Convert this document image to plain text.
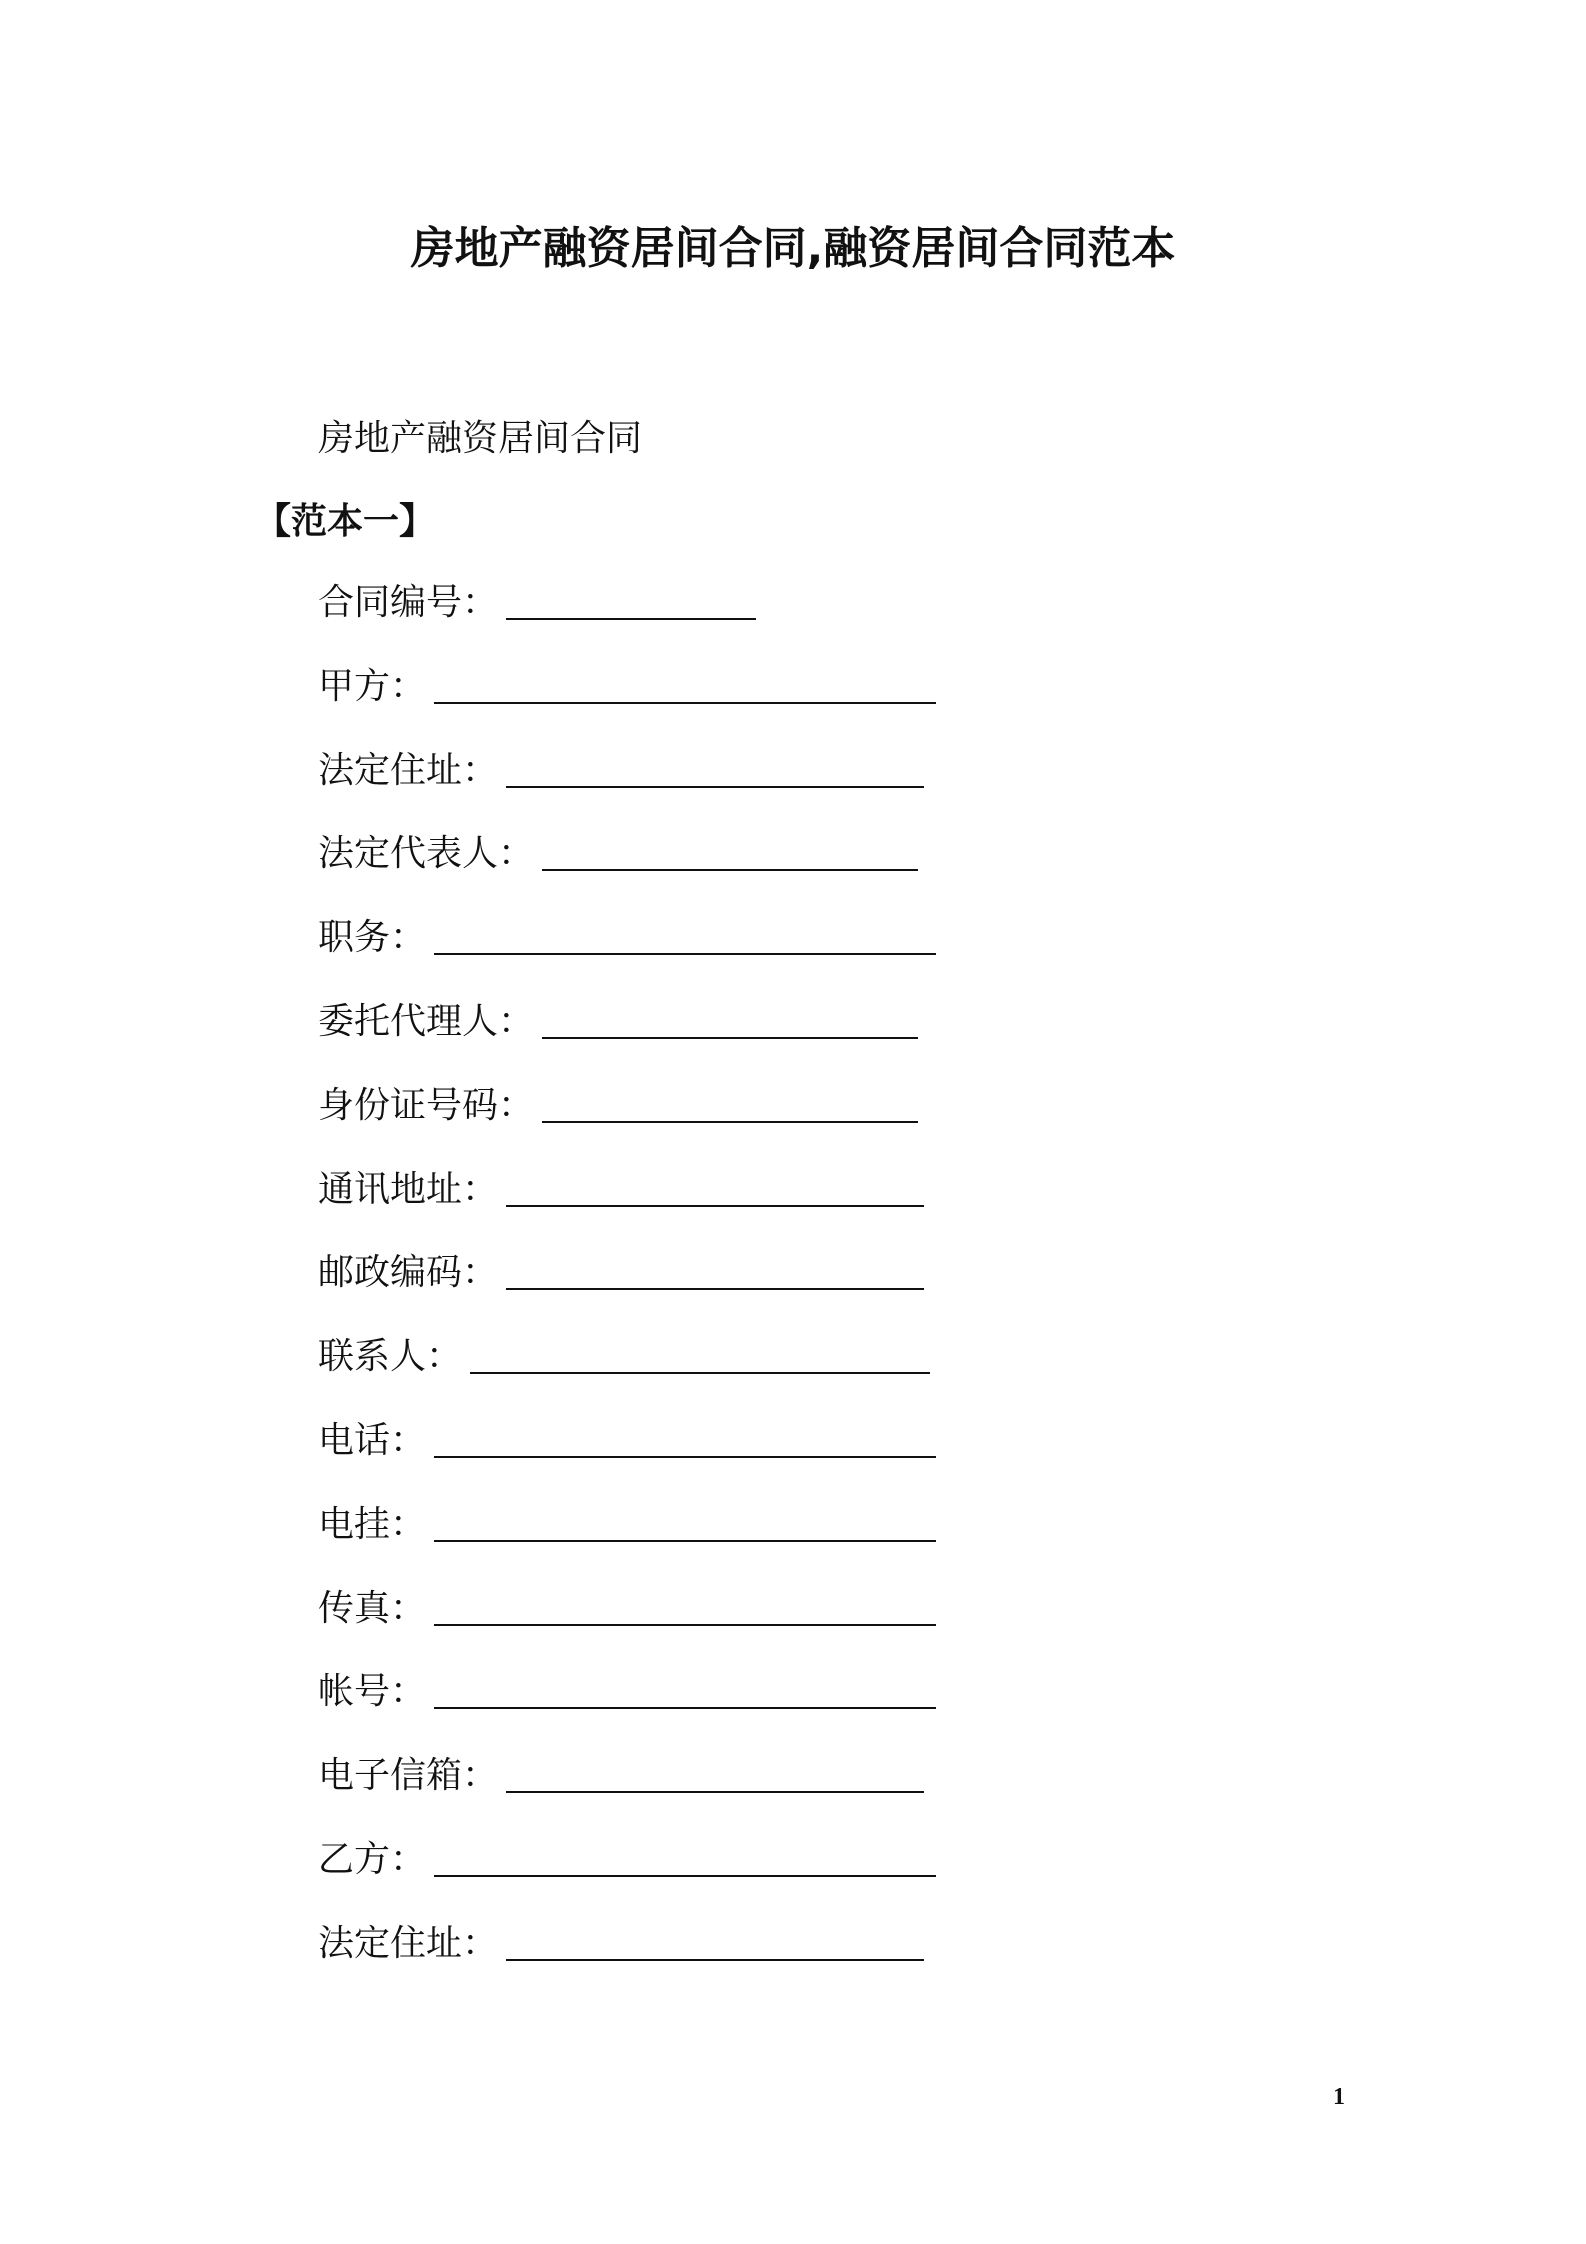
房地产融资居间合同,融资居间合同范本

房地产融资居间合同

【范本一】

合同编号：
甲方：
法定住址：
法定代表人：
职务：
委托代理人：
身份证号码：
通讯地址：
邮政编码：
联系人：
电话：
电挂：
传真：
帐号：
电子信箱：
乙方：
法定住址：
1
